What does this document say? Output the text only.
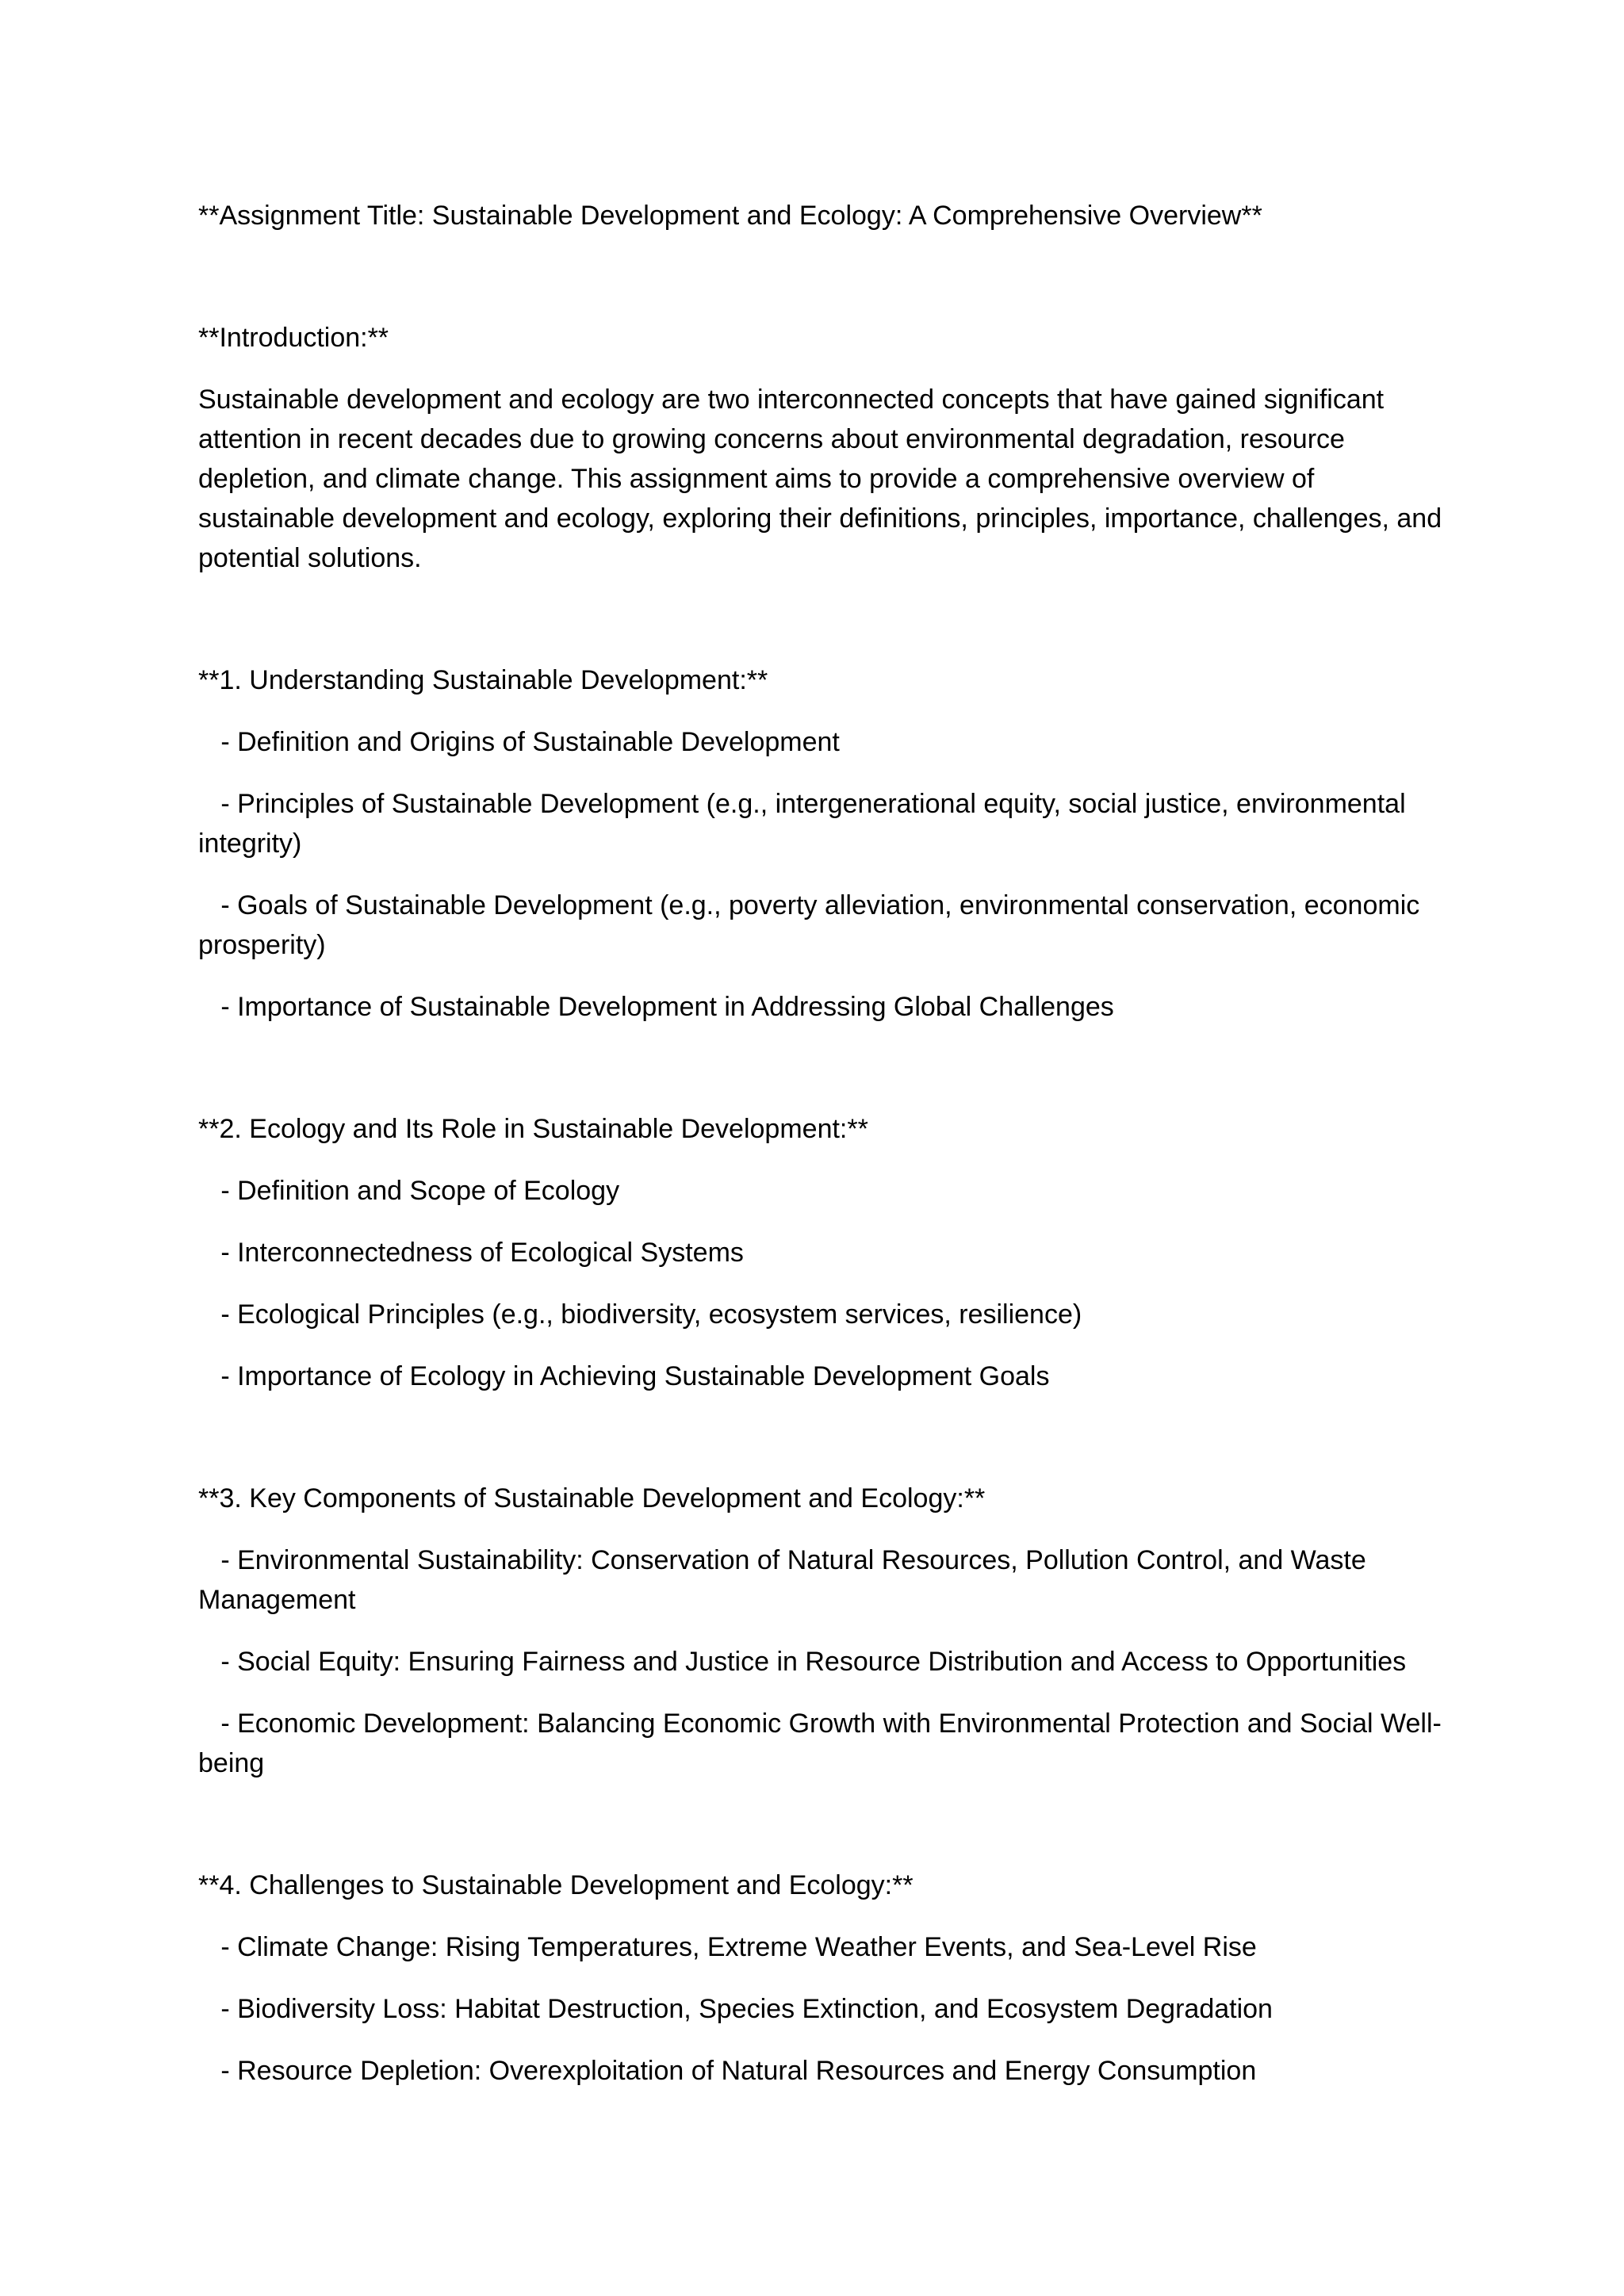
**Assignment Title: Sustainable Development and Ecology: A Comprehensive Overview**

**Introduction:**

Sustainable development and ecology are two interconnected concepts that have gained significant attention in recent decades due to growing concerns about environmental degradation, resource depletion, and climate change. This assignment aims to provide a comprehensive overview of sustainable development and ecology, exploring their definitions, principles, importance, challenges, and potential solutions.

**1. Understanding Sustainable Development:**

- Definition and Origins of Sustainable Development

- Principles of Sustainable Development (e.g., intergenerational equity, social justice, environmental integrity)

- Goals of Sustainable Development (e.g., poverty alleviation, environmental conservation, economic prosperity)

- Importance of Sustainable Development in Addressing Global Challenges

**2. Ecology and Its Role in Sustainable Development:**

- Definition and Scope of Ecology

- Interconnectedness of Ecological Systems

- Ecological Principles (e.g., biodiversity, ecosystem services, resilience)

- Importance of Ecology in Achieving Sustainable Development Goals

**3. Key Components of Sustainable Development and Ecology:**

- Environmental Sustainability: Conservation of Natural Resources, Pollution Control, and Waste Management

- Social Equity: Ensuring Fairness and Justice in Resource Distribution and Access to Opportunities

- Economic Development: Balancing Economic Growth with Environmental Protection and Social Well-being

**4. Challenges to Sustainable Development and Ecology:**

- Climate Change: Rising Temperatures, Extreme Weather Events, and Sea-Level Rise

- Biodiversity Loss: Habitat Destruction, Species Extinction, and Ecosystem Degradation

- Resource Depletion: Overexploitation of Natural Resources and Energy Consumption
